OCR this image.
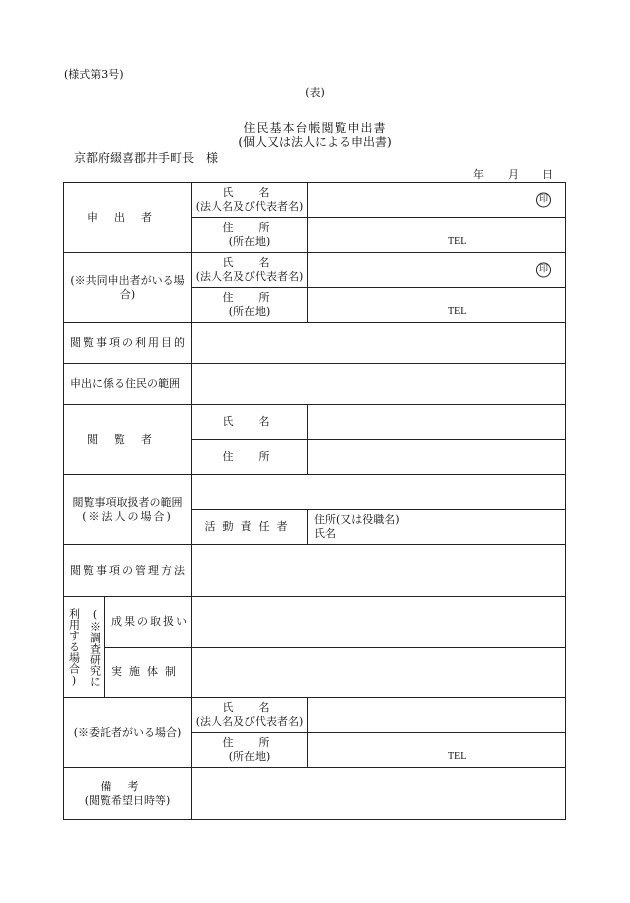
(様式第3号)
(表)
住民基本台帳閲覧申出書
(個人又は法人による申出書)
京都府綴喜郡井手町長　様
年 月 日
申出者		氏　名
(法人名及び代表者名)	印

		住　所
(所在地)	TEL

(※共同申出者がいる場合)		氏　名
(法人名及び代表者名)	印

		住　所
(所在地)	TEL

閲覧事項の利用目的			
申出に係る住民の範囲			
閲覧者		氏　名	
		住　所	

閲覧事項取扱者の範囲
(※法人の場合)			

		活動責任者	住所(又は役職名)
氏名

閲覧事項の管理方法			

(※調査研究に
利用する場合)	成果の取扱い		
	実施体制		
(※委託者がいる場合)		氏　名
(法人名及び代表者名)	

		住　所
(所在地)	TEL

備考
(閲覧希望日時等)			
